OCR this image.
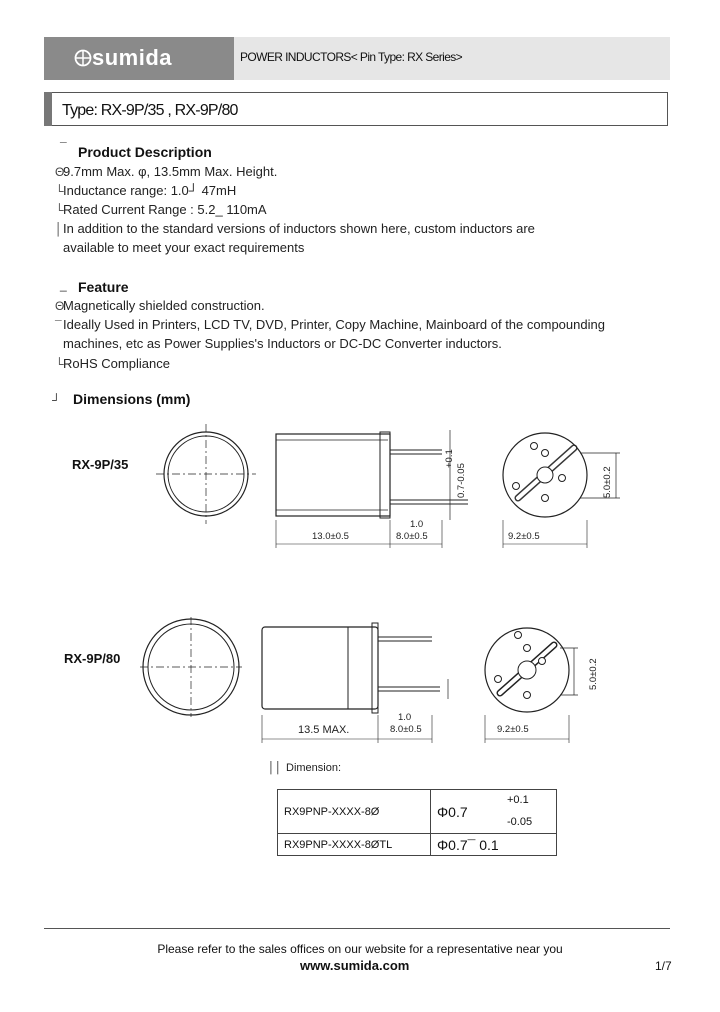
sumida	POWER INDUCTORS< Pin Type: RX Series>
Type: RX-9P/35 , RX-9P/80
¯ Product Description
Θ
9.7mm Max. φ, 13.5mm Max. Height.
└ Inductance range: 1.0┘ 47mH
└ Rated Current Range : 5.2_ 110mA
│ In addition to the standard versions of inductors shown here, custom inductors are
available to meet your exact requirements
_ Feature
Θ
Magnetically shielded construction.
¯ Ideally Used in Printers, LCD TV, DVD, Printer, Copy Machine, Mainboard of the compounding
machines, etc as Power Supplies's Inductors or DC-DC Converter inductors.
└ RoHS Compliance
┘ Dimensions (mm)
RX-9P/35
13.0±0.5
1.0
8.0±0.5	9.2±0.5
0.7-0.05
+0.1
5.0±0.2
RX-9P/80
13.5 MAX.
1.0
8.0±0.5	9.2±0.5
5.0±0.2
││ Dimension:
RX9PNP-XXXX-8Ø	Φ0.7
+0.1
-0.05

RX9PNP-XXXX-8ØTL	Φ0.7¯ 0.1
Please refer to the sales offices on our website for a representative near you
www.sumida.com	1/7
